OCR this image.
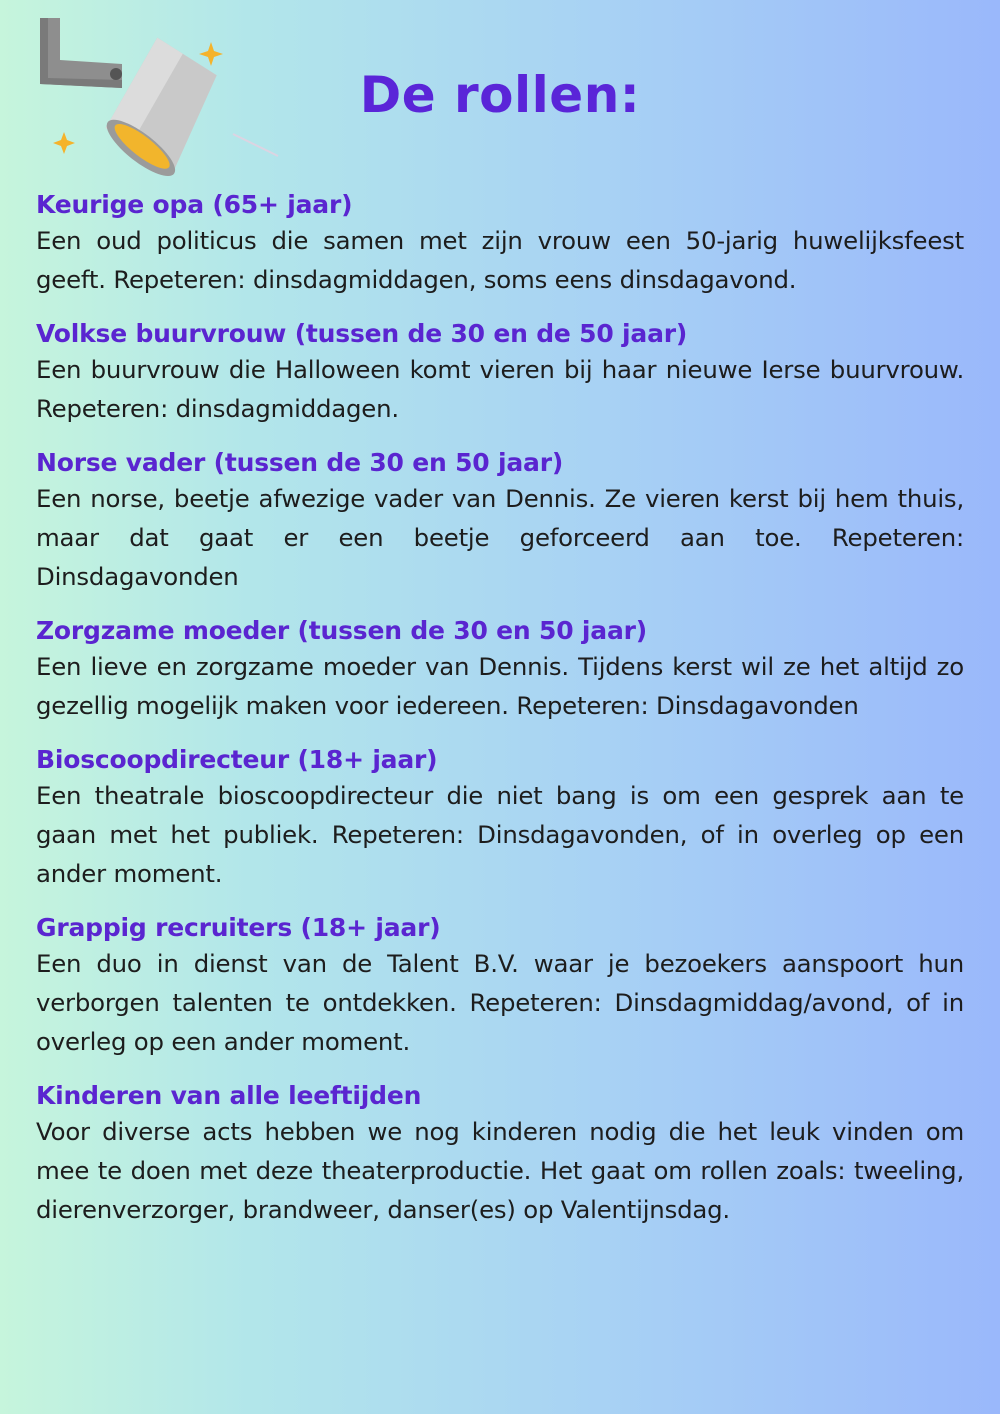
De rollen:
Keurige opa (65+ jaar)

Een oud politicus die samen met zijn vrouw een 50-jarig huwelijksfeest geeft. Repeteren: dinsdagmiddagen, soms eens dinsdagavond.

Volkse buurvrouw (tussen de 30 en de 50 jaar)

Een buurvrouw die Halloween komt vieren bij haar nieuwe Ierse buurvrouw. Repeteren: dinsdagmiddagen.

Norse vader (tussen de 30 en 50 jaar)

Een norse, beetje afwezige vader van Dennis. Ze vieren kerst bij hem thuis, maar dat gaat er een beetje geforceerd aan toe. Repeteren: Dinsdagavonden

Zorgzame moeder (tussen de 30 en 50 jaar)

Een lieve en zorgzame moeder van Dennis. Tijdens kerst wil ze het altijd zo gezellig mogelijk maken voor iedereen. Repeteren: Dinsdagavonden

Bioscoopdirecteur (18+ jaar)

Een theatrale bioscoopdirecteur die niet bang is om een gesprek aan te gaan met het publiek. Repeteren: Dinsdagavonden, of in overleg op een ander moment.

Grappig recruiters (18+ jaar)

Een duo in dienst van de Talent B.V. waar je bezoekers aanspoort hun verborgen talenten te ontdekken. Repeteren: Dinsdagmiddag/avond, of in overleg op een ander moment.

Kinderen van alle leeftijden

Voor diverse acts hebben we nog kinderen nodig die het leuk vinden om mee te doen met deze theaterproductie. Het gaat om rollen zoals: tweeling, dierenverzorger, brandweer, danser(es) op Valentijnsdag.
